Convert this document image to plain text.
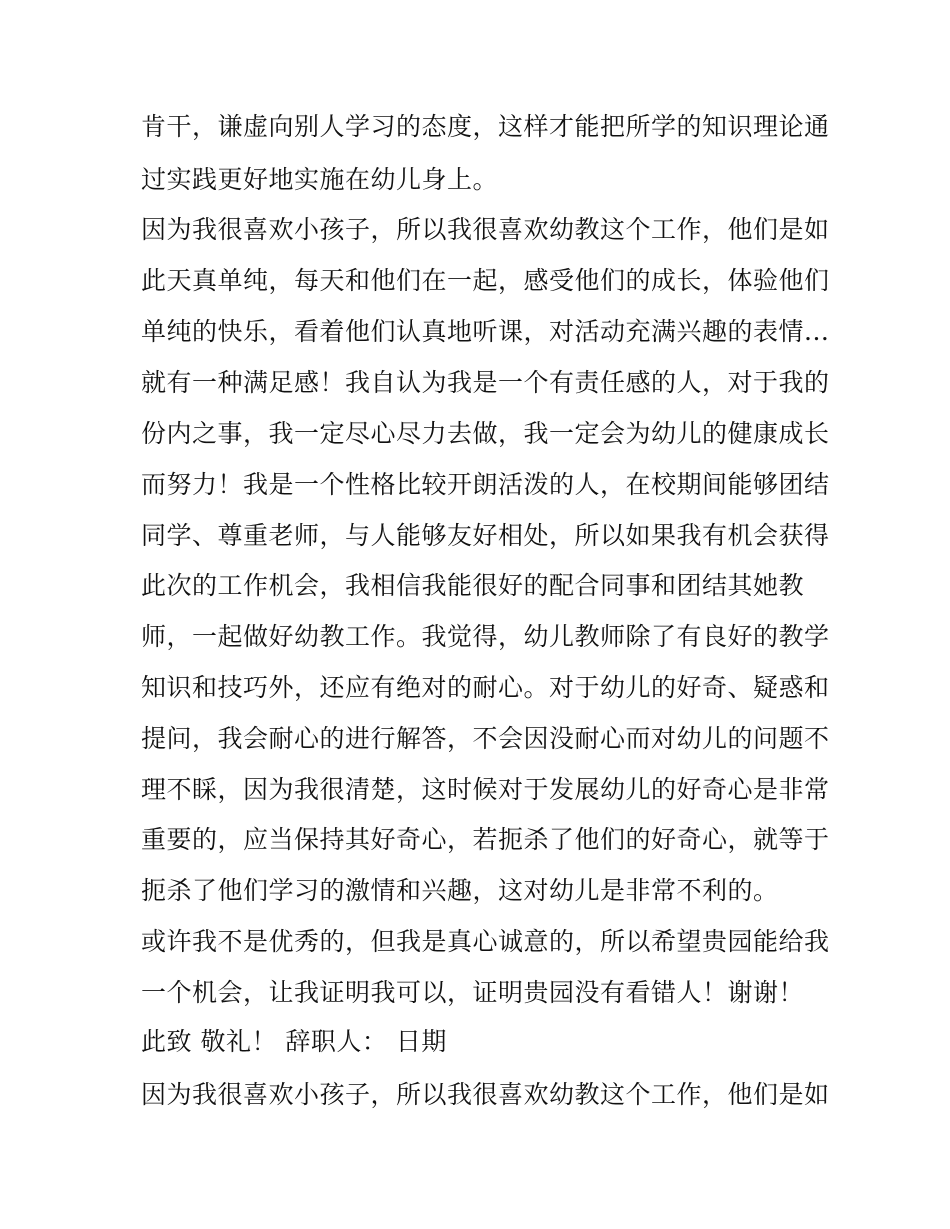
肯干，谦虚向别人学习的态度，这样才能把所学的知识理论通
过实践更好地实施在幼儿身上。
因为我很喜欢小孩子，所以我很喜欢幼教这个工作，他们是如
此天真单纯，每天和他们在一起，感受他们的成长，体验他们
单纯的快乐，看着他们认真地听课，对活动充满兴趣的表情...
就有一种满足感！我自认为我是一个有责任感的人，对于我的
份内之事，我一定尽心尽力去做，我一定会为幼儿的健康成长
而努力！我是一个性格比较开朗活泼的人，在校期间能够团结
同学、尊重老师，与人能够友好相处，所以如果我有机会获得
此次的工作机会，我相信我能很好的配合同事和团结其她教
师，一起做好幼教工作。我觉得，幼儿教师除了有良好的教学
知识和技巧外，还应有绝对的耐心。对于幼儿的好奇、疑惑和
提问，我会耐心的进行解答，不会因没耐心而对幼儿的问题不
理不睬，因为我很清楚，这时候对于发展幼儿的好奇心是非常
重要的，应当保持其好奇心，若扼杀了他们的好奇心，就等于
扼杀了他们学习的激情和兴趣，这对幼儿是非常不利的。
或许我不是优秀的，但我是真心诚意的，所以希望贵园能给我
一个机会，让我证明我可以，证明贵园没有看错人！谢谢！
此致 敬礼！ 辞职人： 日期
因为我很喜欢小孩子，所以我很喜欢幼教这个工作，他们是如
